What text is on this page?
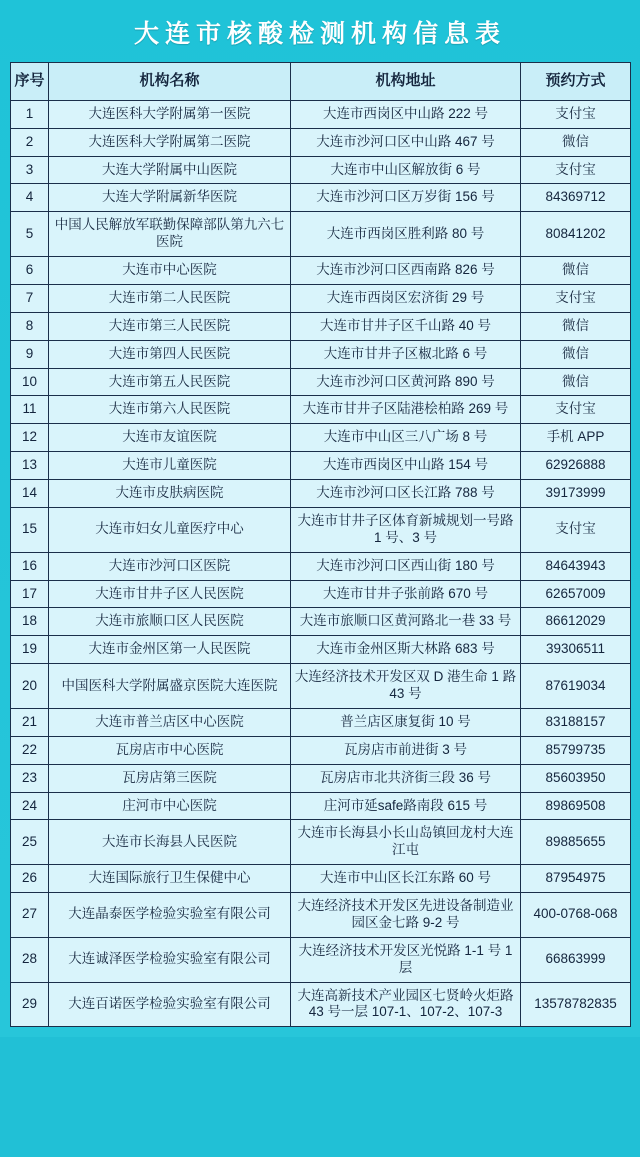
大连市核酸检测机构信息表
序号	机构名称	机构地址	预约方式
1	大连医科大学附属第一医院	大连市西岗区中山路 222 号	支付宝
2	大连医科大学附属第二医院	大连市沙河口区中山路 467 号	微信
3	大连大学附属中山医院	大连市中山区解放街 6 号	支付宝
4	大连大学附属新华医院	大连市沙河口区万岁街 156 号	84369712
5	中国人民解放军联勤保障部队第九六七医院	大连市西岗区胜利路 80 号	80841202
6	大连市中心医院	大连市沙河口区西南路 826 号	微信
7	大连市第二人民医院	大连市西岗区宏济街 29 号	支付宝
8	大连市第三人民医院	大连市甘井子区千山路 40 号	微信
9	大连市第四人民医院	大连市甘井子区椒北路 6 号	微信
10	大连市第五人民医院	大连市沙河口区黄河路 890 号	微信
11	大连市第六人民医院	大连市甘井子区陆港桧柏路 269 号	支付宝
12	大连市友谊医院	大连市中山区三八广场 8 号	手机 APP
13	大连市儿童医院	大连市西岗区中山路 154 号	62926888
14	大连市皮肤病医院	大连市沙河口区长江路 788 号	39173999
15	大连市妇女儿童医疗中心	大连市甘井子区体育新城规划一号路 1 号、3 号	支付宝
16	大连市沙河口区医院	大连市沙河口区西山街 180 号	84643943
17	大连市甘井子区人民医院	大连市甘井子张前路 670 号	62657009
18	大连市旅顺口区人民医院	大连市旅顺口区黄河路北一巷 33 号	86612029
19	大连市金州区第一人民医院	大连市金州区斯大林路 683 号	39306511
20	中国医科大学附属盛京医院大连医院	大连经济技术开发区双 D 港生命 1 路 43 号	87619034
21	大连市普兰店区中心医院	普兰店区康复街 10 号	83188157
22	瓦房店市中心医院	瓦房店市前进街 3 号	85799735
23	瓦房店第三医院	瓦房店市北共济街三段 36 号	85603950
24	庄河市中心医院	庄河市延safe路南段 615 号	89869508
25	大连市长海县人民医院	大连市长海县小长山岛镇回龙村大连江屯	89885655
26	大连国际旅行卫生保健中心	大连市中山区长江东路 60 号	87954975
27	大连晶泰医学检验实验室有限公司	大连经济技术开发区先进设备制造业园区金七路 9-2 号	400-0768-068
28	大连诚泽医学检验实验室有限公司	大连经济技术开发区光悦路 1-1 号 1 层	66863999
29	大连百诺医学检验实验室有限公司	大连高新技术产业园区七贤岭火炬路 43 号一层 107-1、107-2、107-3	13578782835
